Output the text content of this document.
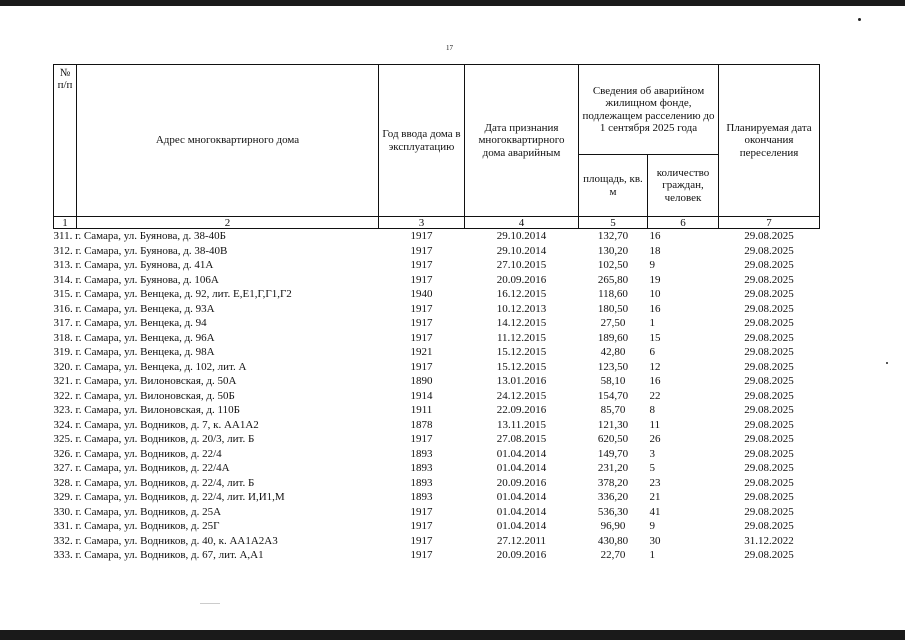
17
№
п/п	Адрес многоквартирного дома	Год ввода дома в эксплуатацию	Дата признания многоквартирного дома аварийным	Сведения об аварийном жилищном фонде, подлежащем расселению до 1 сентября 2025 года		Планируемая дата окончания переселения
				площадь, кв. м	количество граждан, человек	
1	2	3	4	5	6	7
311. г. Самара, ул. Буянова, д. 38-40Б		1917	29.10.2014	132,70	16	29.08.2025
312. г. Самара, ул. Буянова, д. 38-40В		1917	29.10.2014	130,20	18	29.08.2025
313. г. Самара, ул. Буянова, д. 41А		1917	27.10.2015	102,50	9	29.08.2025
314. г. Самара, ул. Буянова, д. 106А		1917	20.09.2016	265,80	19	29.08.2025
315. г. Самара, ул. Венцека, д. 92, лит. Е,Е1,Г,Г1,Г2		1940	16.12.2015	118,60	10	29.08.2025
316. г. Самара, ул. Венцека, д. 93А		1917	10.12.2013	180,50	16	29.08.2025
317. г. Самара, ул. Венцека, д. 94		1917	14.12.2015	27,50	1	29.08.2025
318. г. Самара, ул. Венцека, д. 96А		1917	11.12.2015	189,60	15	29.08.2025
319. г. Самара, ул. Венцека, д. 98А		1921	15.12.2015	42,80	6	29.08.2025
320. г. Самара, ул. Венцека, д. 102, лит. А		1917	15.12.2015	123,50	12	29.08.2025
321. г. Самара, ул. Вилоновская, д. 50А		1890	13.01.2016	58,10	16	29.08.2025
322. г. Самара, ул. Вилоновская, д. 50Б		1914	24.12.2015	154,70	22	29.08.2025
323. г. Самара, ул. Вилоновская, д. 110Б		1911	22.09.2016	85,70	8	29.08.2025
324. г. Самара, ул. Водников, д. 7, к. АА1А2		1878	13.11.2015	121,30	11	29.08.2025
325. г. Самара, ул. Водников, д. 20/3, лит. Б		1917	27.08.2015	620,50	26	29.08.2025
326. г. Самара, ул. Водников, д. 22/4		1893	01.04.2014	149,70	3	29.08.2025
327. г. Самара, ул. Водников, д. 22/4А		1893	01.04.2014	231,20	5	29.08.2025
328. г. Самара, ул. Водников, д. 22/4, лит. Б		1893	20.09.2016	378,20	23	29.08.2025
329. г. Самара, ул. Водников, д. 22/4, лит. И,И1,М		1893	01.04.2014	336,20	21	29.08.2025
330. г. Самара, ул. Водников, д. 25А		1917	01.04.2014	536,30	41	29.08.2025
331. г. Самара, ул. Водников, д. 25Г		1917	01.04.2014	96,90	9	29.08.2025
332. г. Самара, ул. Водников, д. 40, к. АА1А2А3		1917	27.12.2011	430,80	30	31.12.2022
333. г. Самара, ул. Водников, д. 67, лит. А,А1		1917	20.09.2016	22,70	1	29.08.2025
